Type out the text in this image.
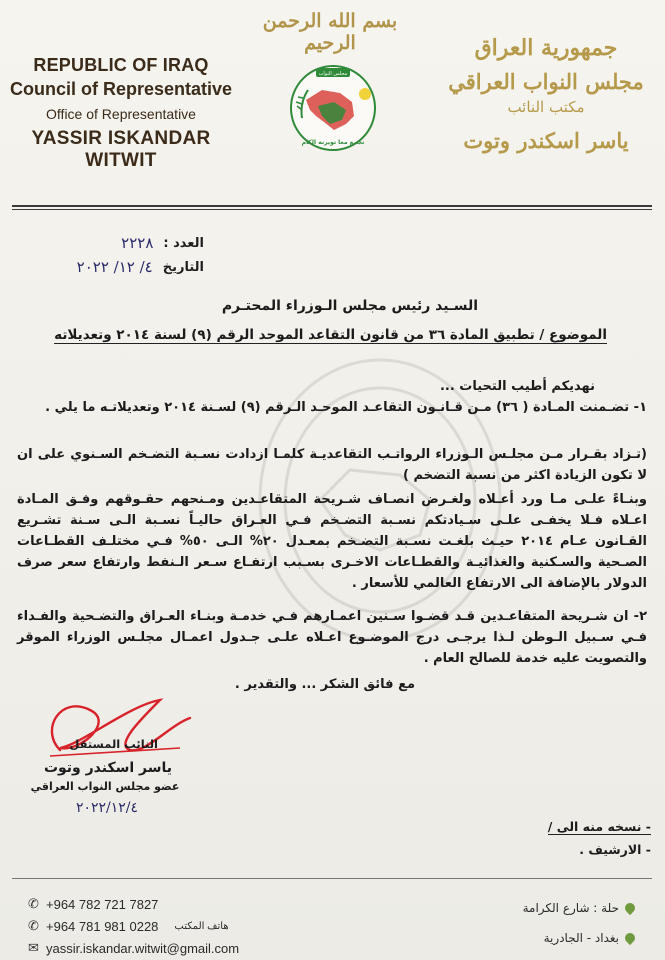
بسم الله الرحمن الرحيم
REPUBLIC OF IRAQ
Council of Representative
Office of Representative
YASSIR ISKANDAR WITWIT
جمهورية العراق
مجلس النواب العراقي
مكتب النائب
ياسر اسكندر وتوت
مجلس النواب
تجمع معا تويرنه الكام
العدد :
٢٢٢٨
التاريخ
٤/ ١٢/ ٢٠٢٢
السـيد رئيس مجلس الـوزراء المحتـرم
الموضوع / تطبيق المادة ٣٦ من قانون التقاعد الموحد الرقم (٩) لسنة ٢٠١٤ وتعديلاته
نهديكم أطيب التحيات ...
١- تضـمنت المـادة ( ٣٦) مـن قـانـون التقاعـد الموحـد الـرقم (٩) لسـنة ٢٠١٤ وتعديلاتـه ما يلي .
(تـزاد بقـرار مـن مجلـس الـوزراء الرواتـب التقاعديـة كلمـا ازدادت نسـبة التضـخم السـنوي على ان لا تكون الزيادة اكثر من نسبة التضخم )
وبنـاءً علـى مـا ورد أعـلاه ولغـرض انصـاف شـريحة المتقاعـدين ومـنحهم حقـوقهم وفـق المـادة اعـلاه فـلا يخفـى علـى سـيادتكم نسـبة التضـخم فـي العـراق حاليـاً نسـبة الـى سـنة تشـريع القـانون عـام ٢٠١٤ حيـث بلغـت نسـبة التضـخم بمعـدل ٢٠% الـى ٥٠% فـي مختلـف القطـاعات الصـحية والسـكنية والغذائيـة والقطـاعات الاخـرى بسـبب ارتفـاع سـعر الـنفط وارتفاع سعر صرف الدولار بالإضافة الى الارتفاع العالمي للأسعار .
٢- ان شـريحة المتقاعـدين قـد قضـوا سـنين اعمـارهم فـي خدمـة وبنـاء العـراق والتضـحية والفـداء فـي سـبيل الـوطن لـذا يرجـى درج الموضـوع اعـلاه علـى جـدول اعمـال مجلـس الوزراء الموقر والتصويت عليه خدمة للصالح العام .
مع فائق الشكر ... والتقدير .
النائب المستقل
ياسر اسكندر وتوت
عضو مجلس النواب العراقي
٢٠٢٢/١٢/٤
- نسخه منه الى /
- الارشيف .
✆ +964 782 721 7827
✆ +964 781 981 0228 هاتف المكتب
✉ yassir.iskandar.witwit@gmail.com
حلة : شارع الكرامة
بغداد - الجادرية
